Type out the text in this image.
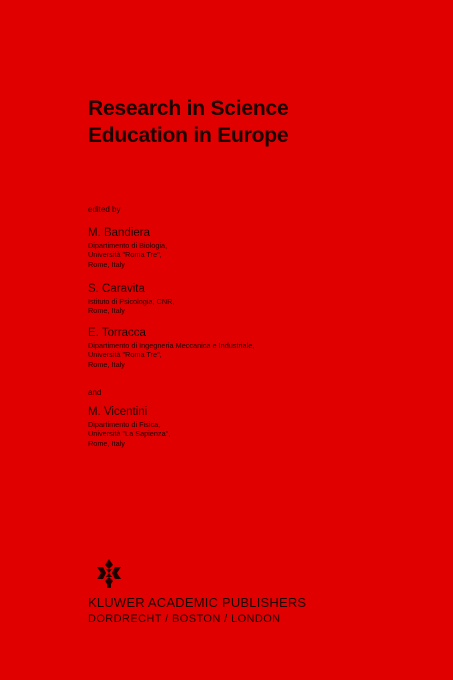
Research in Science
Education in Europe
edited by
M. Bandiera
Dipartimento di Biologia,
Università "Roma Tre",
Rome, Italy
S. Caravita
Istituto di Psicologia, CNR,
Rome, Italy
E. Torracca
Dipartimento di Ingegneria Meccanica e Industriale,
Università "Roma Tre",
Rome, Italy
and
M. Vicentini
Dipartimento di Fisica,
Università "La Sapienza",
Rome, Italy
KLUWER ACADEMIC PUBLISHERS
DORDRECHT / BOSTON / LONDON
